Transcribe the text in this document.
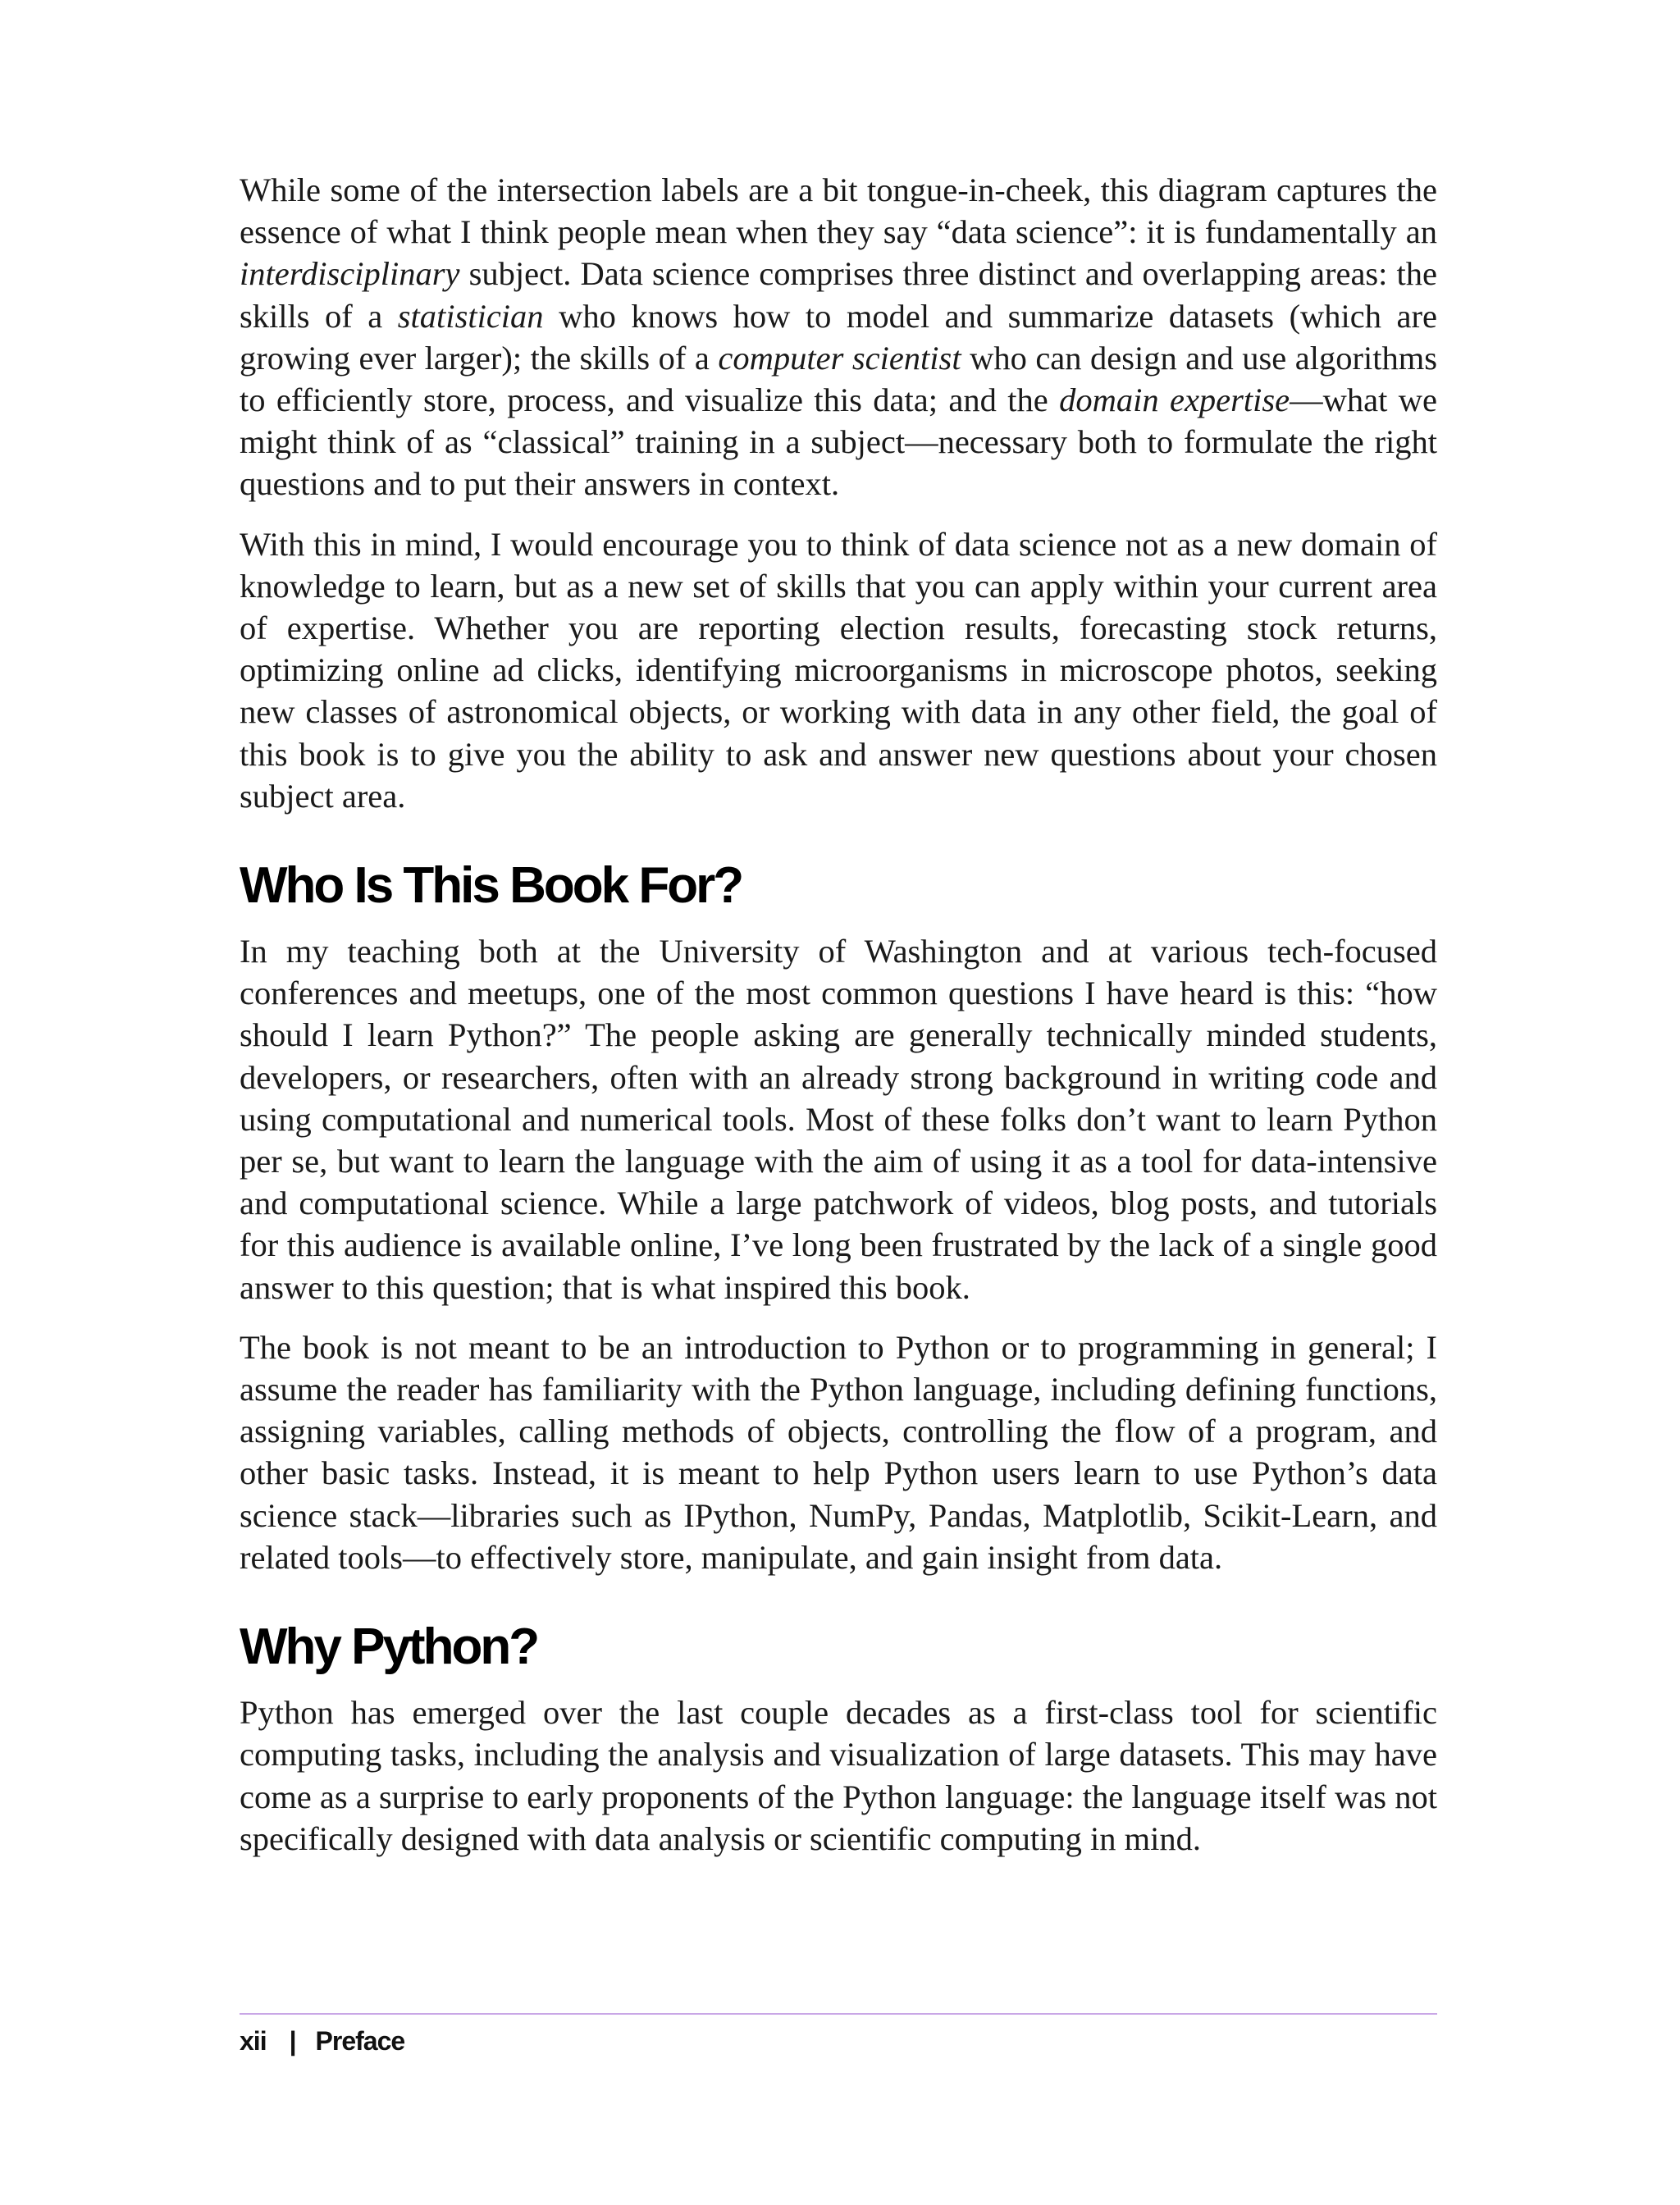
While some of the intersection labels are a bit tongue-in-cheek, this diagram captures the essence of what I think people mean when they say “data science”: it is fundamentally an interdisciplinary subject. Data science comprises three distinct and overlapping areas: the skills of a statistician who knows how to model and summarize datasets (which are growing ever larger); the skills of a computer scientist who can design and use algorithms to efficiently store, process, and visualize this data; and the domain expertise—what we might think of as “classical” training in a subject—necessary both to formulate the right questions and to put their answers in context.

With this in mind, I would encourage you to think of data science not as a new domain of knowledge to learn, but as a new set of skills that you can apply within your current area of expertise. Whether you are reporting election results, forecasting stock returns, optimizing online ad clicks, identifying microorganisms in microscope photos, seeking new classes of astronomical objects, or working with data in any other field, the goal of this book is to give you the ability to ask and answer new questions about your chosen subject area.

Who Is This Book For?

In my teaching both at the University of Washington and at various tech-focused conferences and meetups, one of the most common questions I have heard is this: “how should I learn Python?” The people asking are generally technically minded students, developers, or researchers, often with an already strong background in writing code and using computational and numerical tools. Most of these folks don’t want to learn Python per se, but want to learn the language with the aim of using it as a tool for data-intensive and computational science. While a large patchwork of videos, blog posts, and tutorials for this audience is available online, I’ve long been frustrated by the lack of a single good answer to this question; that is what inspired this book.

The book is not meant to be an introduction to Python or to programming in general; I assume the reader has familiarity with the Python language, including defining functions, assigning variables, calling methods of objects, controlling the flow of a program, and other basic tasks. Instead, it is meant to help Python users learn to use Python’s data science stack—libraries such as IPython, NumPy, Pandas, Matplotlib, Scikit-Learn, and related tools—to effectively store, manipulate, and gain insight from data.

Why Python?

Python has emerged over the last couple decades as a first-class tool for scientific computing tasks, including the analysis and visualization of large datasets. This may have come as a surprise to early proponents of the Python language: the language itself was not specifically designed with data analysis or scientific computing in mind.

xii | Preface
